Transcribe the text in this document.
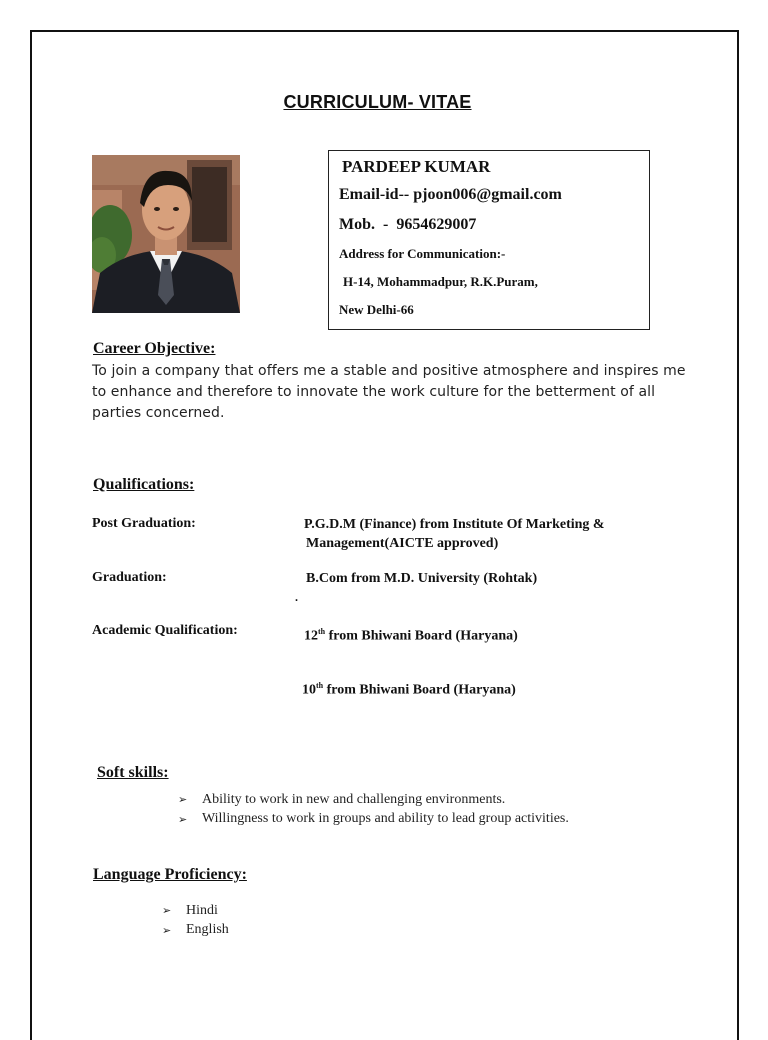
CURRICULUM- VITAE
PARDEEP KUMAR
Email-id-- pjoon006@gmail.com
Mob. - 9654629007
Address for Communication:-
H-14, Mohammadpur, R.K.Puram,
New Delhi-66
Career Objective:
To join a company that offers me a stable and positive atmosphere and inspires me to enhance and therefore to innovate the work culture for the betterment of all parties concerned.
Qualifications:
Post Graduation:	P.G.D.M (Finance) from Institute Of Marketing &
Management(AICTE approved)
Graduation:	B.Com from M.D. University (Rohtak)
.
Academic Qualification:	12th from Bhiwani Board (Haryana)
10th from Bhiwani Board (Haryana)
Soft skills:
➢	Ability to work in new and challenging environments.
➢	Willingness to work in groups and ability to lead group activities.
Language Proficiency:
➢	Hindi
➢	English
